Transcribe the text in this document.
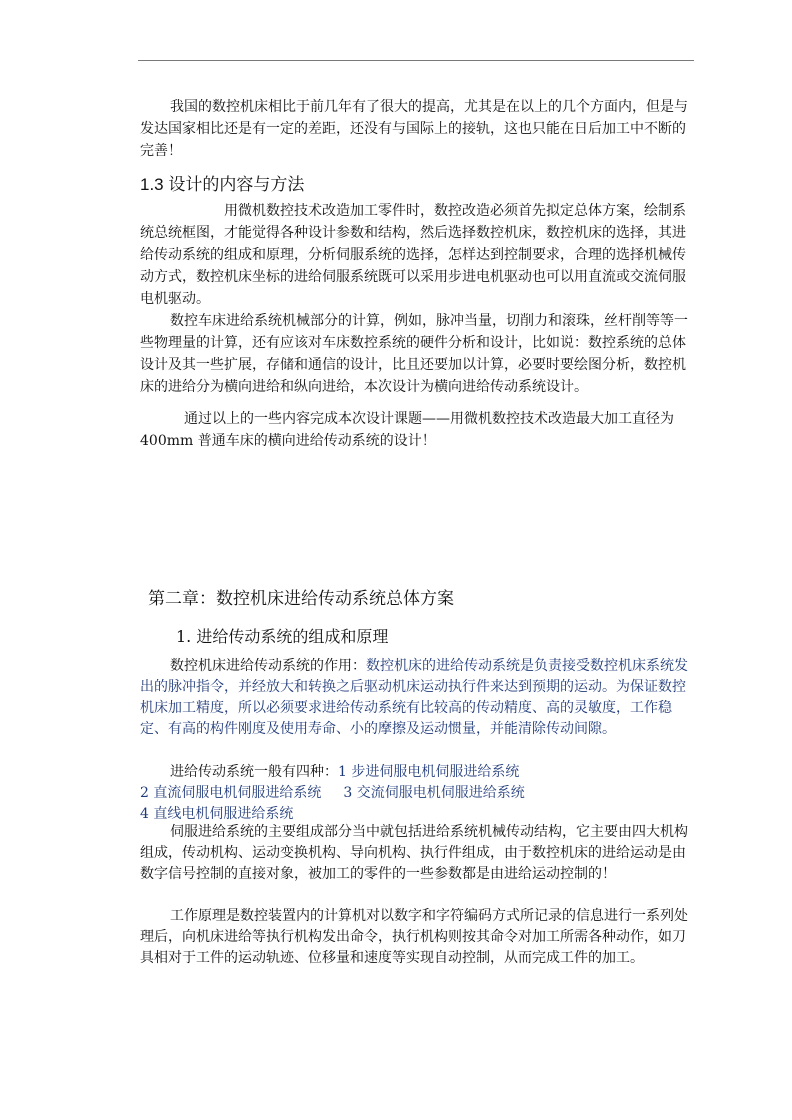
我国的数控机床相比于前几年有了很大的提高，尤其是在以上的几个方面内，但是与发达国家相比还是有一定的差距，还没有与国际上的接轨，这也只能在日后加工中不断的完善！
1.3 设计的内容与方法
用微机数控技术改造加工零件时，数控改造必须首先拟定总体方案，绘制系统总统框图，才能觉得各种设计参数和结构，然后选择数控机床，数控机床的选择，其进给传动系统的组成和原理，分析伺服系统的选择，怎样达到控制要求，合理的选择机械传动方式，数控机床坐标的进给伺服系统既可以采用步进电机驱动也可以用直流或交流伺服电机驱动。
数控车床进给系统机械部分的计算，例如，脉冲当量，切削力和滚珠，丝杆削等等一些物理量的计算，还有应该对车床数控系统的硬件分析和设计，比如说：数控系统的总体设计及其一些扩展，存储和通信的设计，比且还要加以计算，必要时要绘图分析，数控机床的进给分为横向进给和纵向进给，本次设计为横向进给传动系统设计。
通过以上的一些内容完成本次设计课题——用微机数控技术改造最大加工直径为 400mm 普通车床的横向进给传动系统的设计！
第二章：数控机床进给传动系统总体方案
1. 进给传动系统的组成和原理
数控机床进给传动系统的作用：数控机床的进给传动系统是负责接受数控机床系统发出的脉冲指令，并经放大和转换之后驱动机床运动执行件来达到预期的运动。为保证数控机床加工精度，所以必须要求进给传动系统有比较高的传动精度、高的灵敏度，工作稳定、有高的构件刚度及使用寿命、小的摩擦及运动惯量，并能清除传动间隙。
进给传动系统一般有四种：1 步进伺服电机伺服进给系统
2 直流伺服电机伺服进给系统 3 交流伺服电机伺服进给系统
4 直线电机伺服进给系统
伺服进给系统的主要组成部分当中就包括进给系统机械传动结构，它主要由四大机构组成，传动机构、运动变换机构、导向机构、执行件组成，由于数控机床的进给运动是由数字信号控制的直接对象，被加工的零件的一些参数都是由进给运动控制的！
工作原理是数控装置内的计算机对以数字和字符编码方式所记录的信息进行一系列处理后，向机床进给等执行机构发出命令，执行机构则按其命令对加工所需各种动作，如刀具相对于工件的运动轨迹、位移量和速度等实现自动控制，从而完成工件的加工。
